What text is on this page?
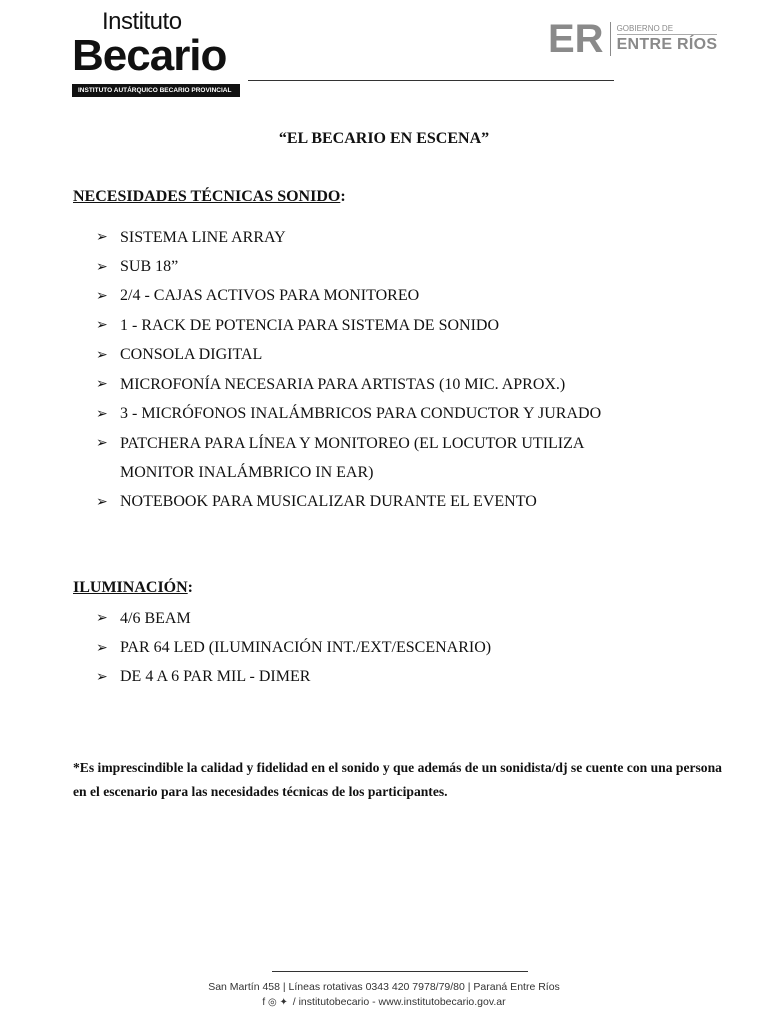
Instituto
Becario
INSTITUTO AUTÁRQUICO BECARIO PROVINCIAL
ER GOBIERNO DE
ENTRE RÍOS
“EL BECARIO EN ESCENA”
NECESIDADES TÉCNICAS SONIDO:
➢ SISTEMA LINE ARRAY
➢ SUB 18”
➢ 2/4 - CAJAS ACTIVOS PARA MONITOREO
➢ 1 - RACK DE POTENCIA PARA SISTEMA DE SONIDO
➢ CONSOLA DIGITAL
➢ MICROFONÍA NECESARIA PARA ARTISTAS (10 MIC. APROX.)
➢ 3 - MICRÓFONOS INALÁMBRICOS PARA CONDUCTOR Y JURADO
➢ PATCHERA PARA LÍNEA Y MONITOREO (EL LOCUTOR UTILIZA
MONITOR INALÁMBRICO IN EAR)
➢ NOTEBOOK PARA MUSICALIZAR DURANTE EL EVENTO
ILUMINACIÓN:
➢ 4/6 BEAM
➢ PAR 64 LED (ILUMINACIÓN INT./EXT/ESCENARIO)
➢ DE 4 A 6 PAR MIL - DIMER
*Es imprescindible la calidad y fidelidad en el sonido y que además de un sonidista/dj se cuente con una persona en el escenario para las necesidades técnicas de los participantes.
San Martín 458 | Líneas rotativas 0343 420 7978/79/80 | Paraná Entre Ríos
f ◎ ✦ / institutobecario - www.institutobecario.gov.ar
